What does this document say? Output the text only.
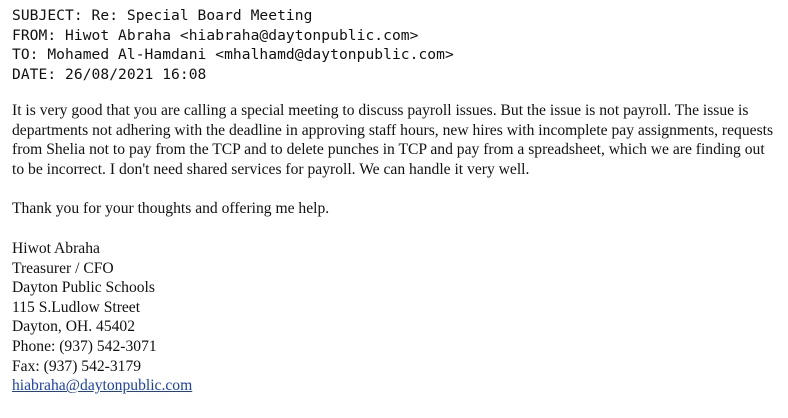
SUBJECT: Re: Special Board Meeting
FROM: Hiwot Abraha <hiabraha@daytonpublic.com>
TO: Mohamed Al-Hamdani <mhalhamd@daytonpublic.com>
DATE: 26/08/2021 16:08
It is very good that you are calling a special meeting to discuss payroll issues. But the issue is not payroll. The issue is departments not adhering with the deadline in approving staff hours, new hires with incomplete pay assignments, requests from Shelia not to pay from the TCP and to delete punches in TCP and pay from a spreadsheet, which we are finding out to be incorrect. I don't need shared services for payroll. We can handle it very well.
Thank you for your thoughts and offering me help.
Hiwot Abraha
Treasurer / CFO
Dayton Public Schools
115 S.Ludlow Street
Dayton, OH. 45402
Phone: (937) 542-3071
Fax: (937) 542-3179
hiabraha@daytonpublic.com
